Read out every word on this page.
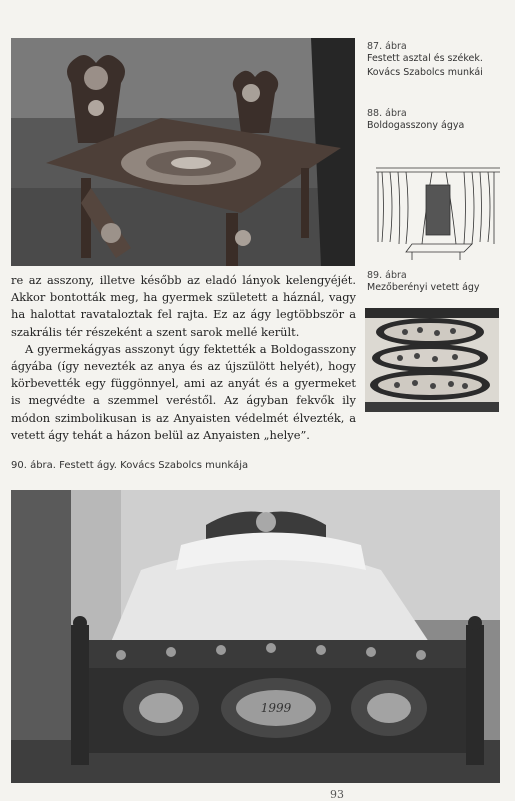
87. ábra
Festett asztal és székek. Kovács Szabolcs munkái
88. ábra
Boldogasszony ágya
89. ábra
Mezőberényi vetett ágy

re az asszony, illetve később az eladó lányok kelengyéjét. Akkor bontották meg, ha gyermek született a háznál, vagy ha halottat ravataloztak fel rajta. Ez az ágy legtöbbször a szakrális tér részeként a szent sarok mellé került.

A gyermekágyas asszonyt úgy fektették a Boldogasszony ágyába (így nevezték az anya és az újszülött helyét), hogy körbevették egy függönnyel, ami az anyát és a gyermeket is megvédte a szemmel veréstől. Az ágyban fekvők ily módon szimbolikusan is az Anyaisten védelmét élvezték, a vetett ágy tehát a házon belül az Anyaisten „helye”.

90. ábra. Festett ágy. Kovács Szabolcs munkája
1999
93
